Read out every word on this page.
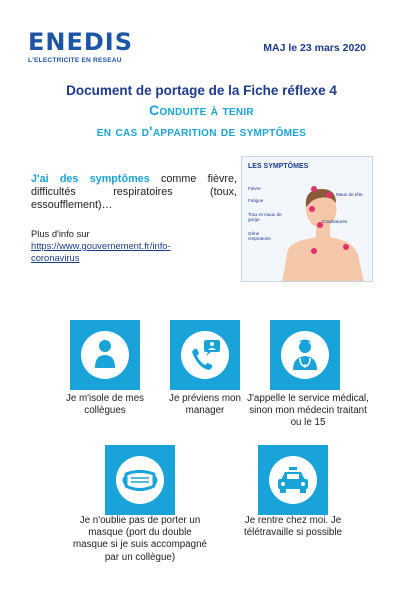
ENEDIS
L'ELECTRICITE EN RESEAU
MAJ le 23 mars 2020
Document de portage de la Fiche réflexe 4
Conduite à tenir
en cas d'apparition de symptômes
J'ai des symptômes comme fièvre, difficultés respiratoires (toux, essoufflement)…
Plus d'info sur
https://www.gouvernement.fr/info-coronavirus
LES SYMPTÔMES
Fièvre
Maux de tête
Fatigue
Toux et maux de gorge	Courbatures
Gêne respiratoire
Je m'isole de mes collègues
Je préviens mon manager
J'appelle le service médical, sinon mon médecin traitant ou le 15
Je n'oublie pas de porter un masque (port du double masque si je suis accompagné par un collègue)
Je rentre chez moi. Je télétravaille si possible
